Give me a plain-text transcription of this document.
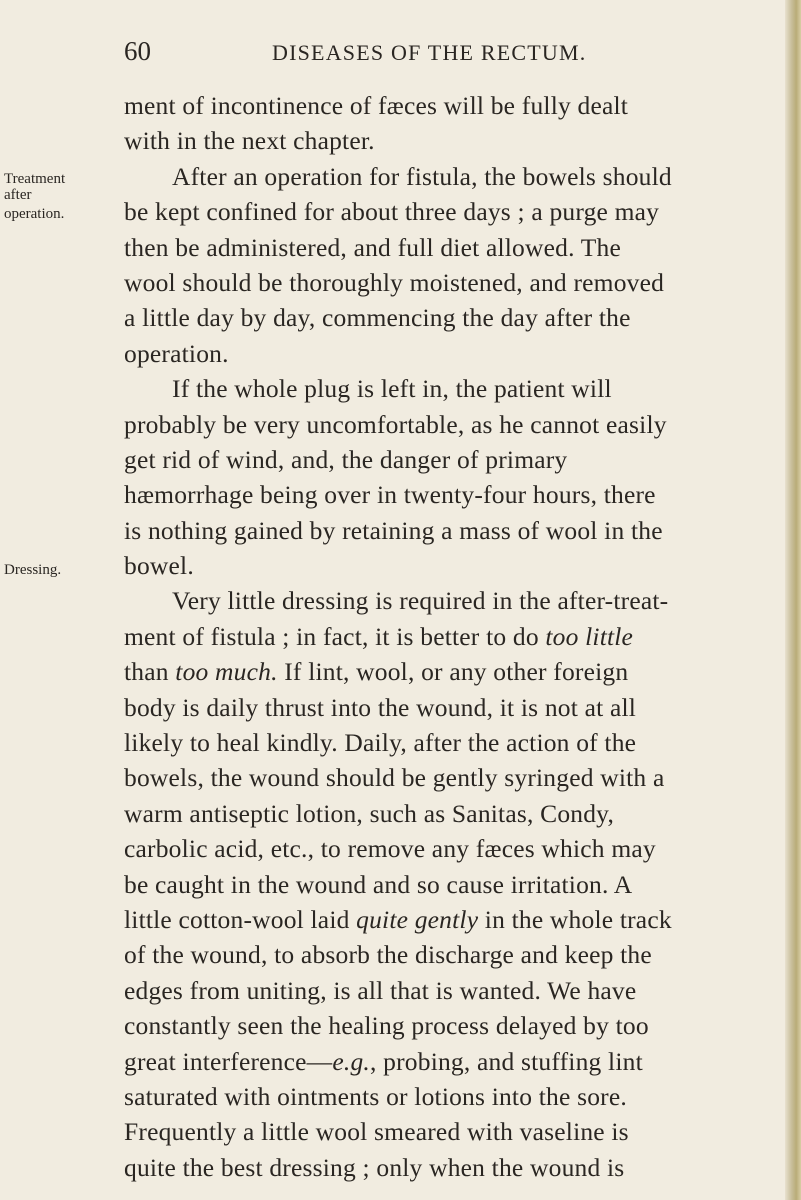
60	DISEASES OF THE RECTUM.
Treatment
after
operation.
Dressing.
ment of incontinence of fæces will be fully dealt
with in the next chapter.
After an operation for fistula, the bowels should
be kept confined for about three days ; a purge may
then be administered, and full diet allowed. The
wool should be thoroughly moistened, and removed
a little day by day, commencing the day after the
operation.
If the whole plug is left in, the patient will
probably be very uncomfortable, as he cannot easily
get rid of wind, and, the danger of primary
hæmorrhage being over in twenty-four hours, there
is nothing gained by retaining a mass of wool in the
bowel.
Very little dressing is required in the after-treat-
ment of fistula ; in fact, it is better to do too little
than too much. If lint, wool, or any other foreign
body is daily thrust into the wound, it is not at all
likely to heal kindly. Daily, after the action of the
bowels, the wound should be gently syringed with a
warm antiseptic lotion, such as Sanitas, Condy,
carbolic acid, etc., to remove any fæces which may
be caught in the wound and so cause irritation. A
little cotton-wool laid quite gently in the whole track
of the wound, to absorb the discharge and keep the
edges from uniting, is all that is wanted. We have
constantly seen the healing process delayed by too
great interference—e.g., probing, and stuffing lint
saturated with ointments or lotions into the sore.
Frequently a little wool smeared with vaseline is
quite the best dressing ; only when the wound is
